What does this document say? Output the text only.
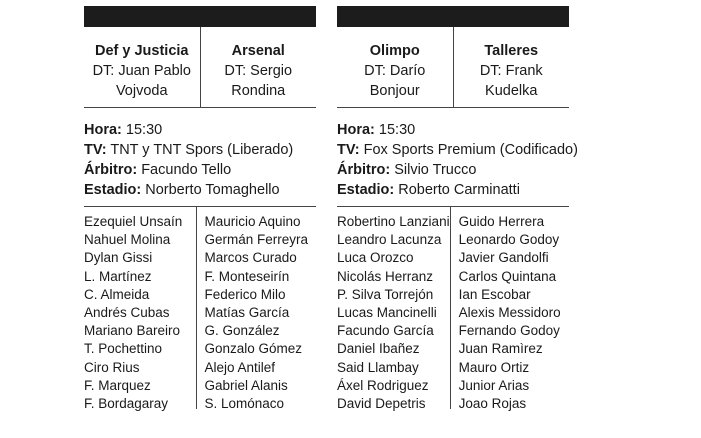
Def y Justicia
DT: Juan Pablo
Vojvoda
Arsenal
DT: Sergio
Rondina
Hora: 15:30
TV: TNT y TNT Spors (Liberado)
Árbitro: Facundo Tello
Estadio: Norberto Tomaghello
Ezequiel Unsaín
Nahuel Molina
Dylan Gissi
L. Martínez
C. Almeida
Andrés Cubas
Mariano Bareiro
T. Pochettino
Ciro Rius
F. Marquez
F. Bordagaray
Mauricio Aquino
Germán Ferreyra
Marcos Curado
F. Monteseirín
Federico Milo
Matías García
G. González
Gonzalo Gómez
Alejo Antilef
Gabriel Alanis
S. Lomónaco
Olimpo
DT: Darío
Bonjour
Talleres
DT: Frank
Kudelka
Hora: 15:30
TV: Fox Sports Premium (Codificado)
Árbitro: Silvio Trucco
Estadio: Roberto Carminatti
Robertino Lanziani
Leandro Lacunza
Luca Orozco
Nicolás Herranz
P. Silva Torrejón
Lucas Mancinelli
Facundo García
Daniel Ibañez
Said Llambay
Áxel Rodriguez
David Depetris
Guido Herrera
Leonardo Godoy
Javier Gandolfi
Carlos Quintana
Ian Escobar
Alexis Messidoro
Fernando Godoy
Juan Ramìrez
Mauro Ortiz
Junior Arias
Joao Rojas
